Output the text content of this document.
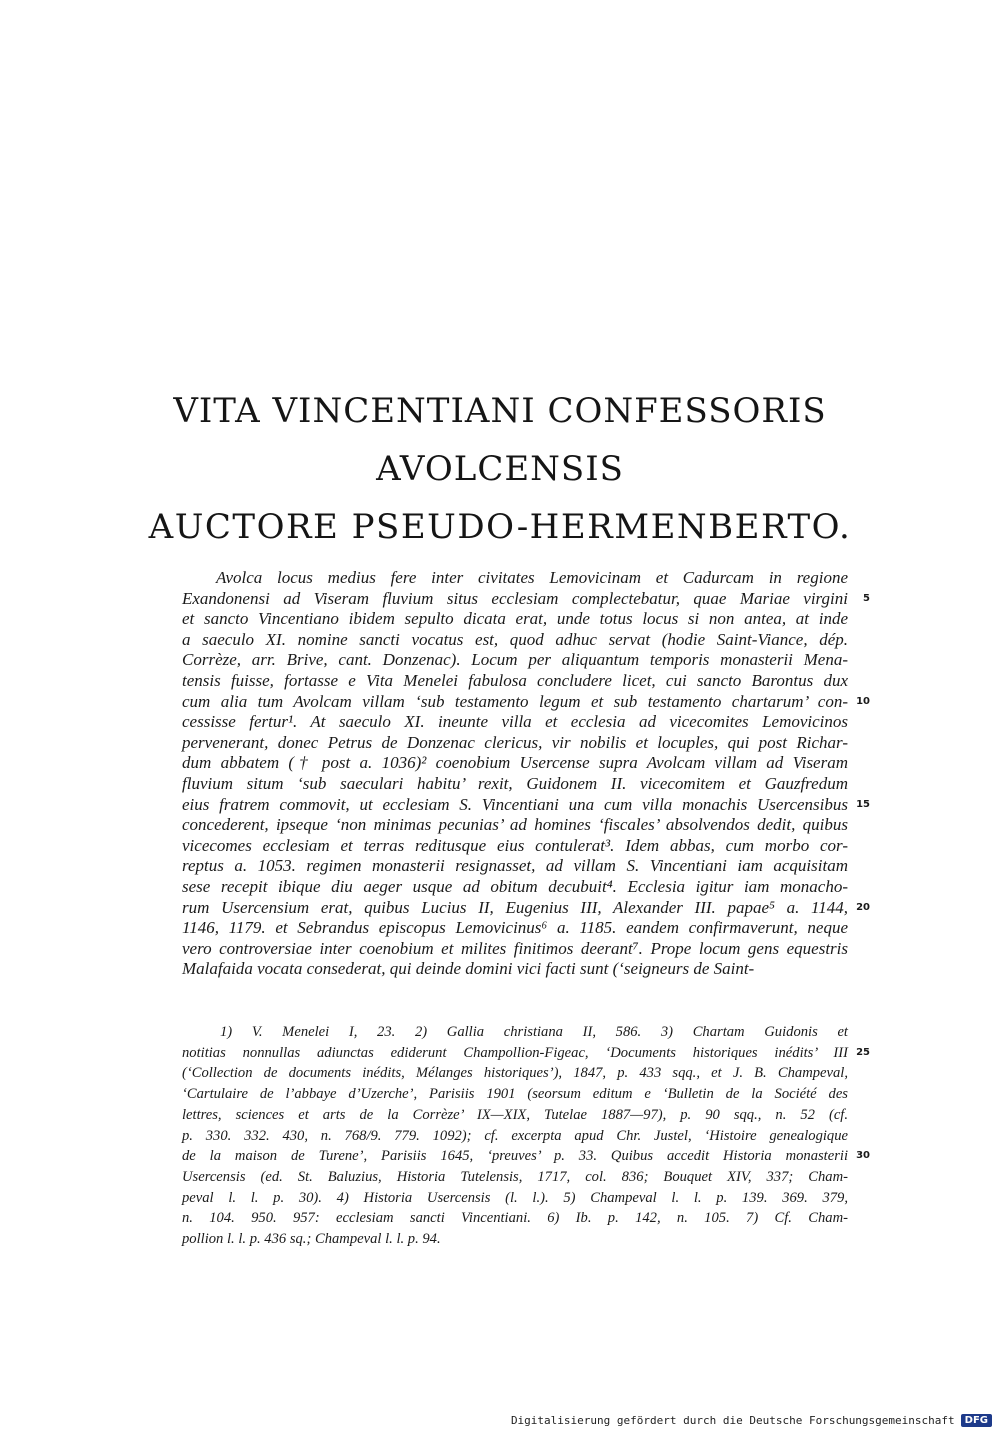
VITA VINCENTIANI CONFESSORIS
AVOLCENSIS
AUCTORE PSEUDO-HERMENBERTO.
Avolca locus medius fere inter civitates Lemovicinam et Cadurcam in regione
Exandonensi ad Viseram fluvium situs ecclesiam complectebatur, quae Mariae virgini 5
et sancto Vincentiano ibidem sepulto dicata erat, unde totus locus si non antea, at inde
a saeculo XI. nomine sancti vocatus est, quod adhuc servat (hodie Saint-Viance, dép.
Corrèze, arr. Brive, cant. Donzenac). Locum per aliquantum temporis monasterii Mena-
tensis fuisse, fortasse e Vita Menelei fabulosa concludere licet, cui sancto Barontus dux
cum alia tum Avolcam villam ‘sub testamento legum et sub testamento chartarum’ con- 10
cessisse fertur¹. At saeculo XI. ineunte villa et ecclesia ad vicecomites Lemovicinos
pervenerant, donec Petrus de Donzenac clericus, vir nobilis et locuples, qui post Richar-
dum abbatem († post a. 1036)² coenobium Usercense supra Avolcam villam ad Viseram
fluvium situm ‘sub saeculari habitu’ rexit, Guidonem II. vicecomitem et Gauzfredum
eius fratrem commovit, ut ecclesiam S. Vincentiani una cum villa monachis Usercensibus 15
concederent, ipseque ‘non minimas pecunias’ ad homines ‘fiscales’ absolvendos dedit, quibus
vicecomes ecclesiam et terras reditusque eius contulerat³. Idem abbas, cum morbo cor-
reptus a. 1053. regimen monasterii resignasset, ad villam S. Vincentiani iam acquisitam
sese recepit ibique diu aeger usque ad obitum decubuit⁴. Ecclesia igitur iam monacho-
rum Usercensium erat, quibus Lucius II, Eugenius III, Alexander III. papae⁵ a. 1144, 20
1146, 1179. et Sebrandus episcopus Lemovicinus⁶ a. 1185. eandem confirmaverunt, neque
vero controversiae inter coenobium et milites finitimos deerant⁷. Prope locum gens equestris
Malafaida vocata consederat, qui deinde domini vici facti sunt (‘seigneurs de Saint-
1) V. Menelei I, 23. 2) Gallia christiana II, 586. 3) Chartam Guidonis et
notitias nonnullas adiunctas ediderunt Champollion-Figeac, ‘Documents historiques inédits’ III 25
(‘Collection de documents inédits, Mélanges historiques’), 1847, p. 433 sqq., et J. B. Champeval,
‘Cartulaire de l’abbaye d’Uzerche’, Parisiis 1901 (seorsum editum e ‘Bulletin de la Société des
lettres, sciences et arts de la Corrèze’ IX—XIX, Tutelae 1887—97), p. 90 sqq., n. 52 (cf.
p. 330. 332. 430, n. 768/9. 779. 1092); cf. excerpta apud Chr. Justel, ‘Histoire genealogique
de la maison de Turene’, Parisiis 1645, ‘preuves’ p. 33. Quibus accedit Historia monasterii 30
Usercensis (ed. St. Baluzius, Historia Tutelensis, 1717, col. 836; Bouquet XIV, 337; Cham-
peval l. l. p. 30). 4) Historia Usercensis (l. l.). 5) Champeval l. l. p. 139. 369. 379,
n. 104. 950. 957: ecclesiam sancti Vincentiani. 6) Ib. p. 142, n. 105. 7) Cf. Cham-
pollion l. l. p. 436 sq.; Champeval l. l. p. 94.
Digitalisierung gefördert durch die Deutsche Forschungsgemeinschaft	DFG
